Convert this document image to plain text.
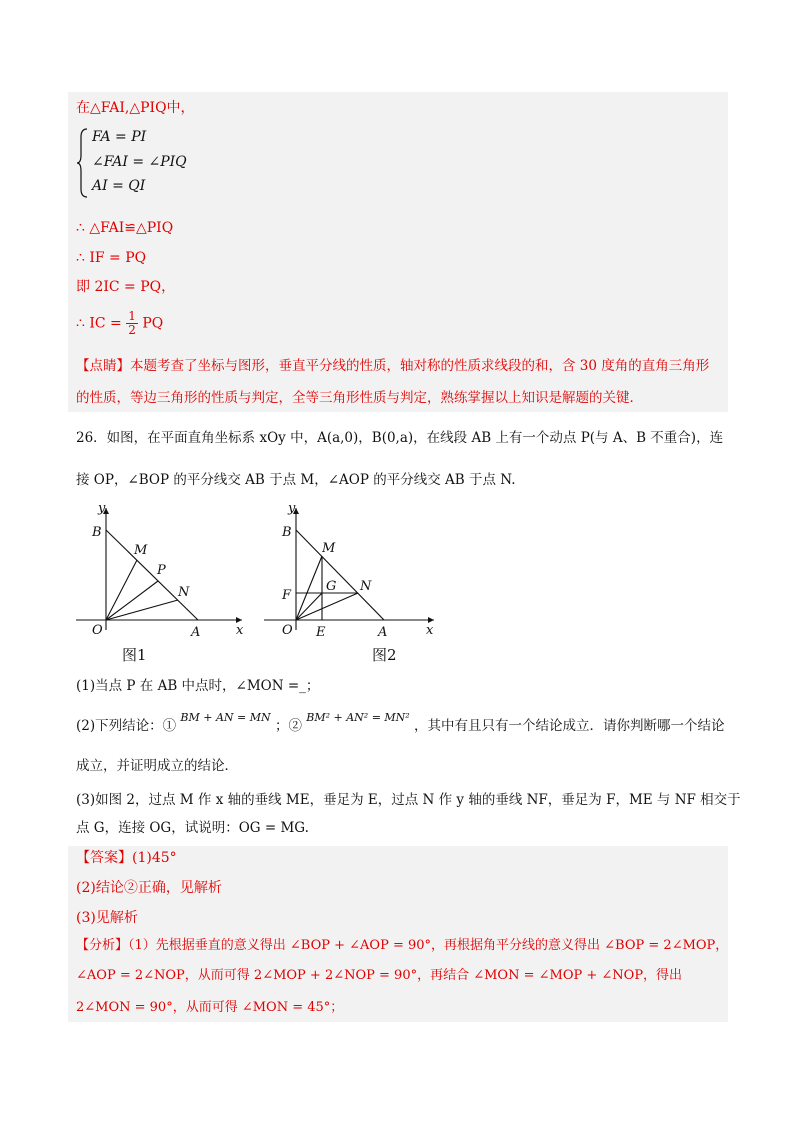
在△FAI,△PIQ中，
FA = PI
∠FAI = ∠PIQ
AI = QI
∴ △FAI≌△PIQ
∴ IF = PQ
即 2IC = PQ，
∴ IC = $\frac{1}{2}$ PQ
【点睛】本题考查了坐标与图形，垂直平分线的性质，轴对称的性质求线段的和，含 30 度角的直角三角形
的性质，等边三角形的性质与判定，全等三角形性质与判定，熟练掌握以上知识是解题的关键．
26．如图，在平面直角坐标系 xOy 中，A(a,0)，B(0,a)，在线段 AB 上有一个动点 P(与 A、B 不重合)，连
接 OP，∠BOP 的平分线交 AB 于点 M，∠AOP 的平分线交 AB 于点 N.
y
B
M
P
N
O	A	x
图1
y
B
M
G N
F
O E	A	x
图2
(1)当点 P 在 AB 中点时，∠MON =_；
(2)下列结论：① $^{BM + AN = MN}$ ；② $^{BM^2 + AN^2 = MN^2}$ ，其中有且只有一个结论成立．请你判断哪一个结论
成立，并证明成立的结论．
(3)如图 2，过点 M 作 x 轴的垂线 ME，垂足为 E，过点 N 作 y 轴的垂线 NF，垂足为 F，ME 与 NF 相交于
点 G，连接 OG，试说明：OG = MG.
【答案】(1)45°
(2)结论②正确，见解析
(3)见解析
【分析】（1）先根据垂直的意义得出 ∠BOP + ∠AOP = 90°，再根据角平分线的意义得出 ∠BOP = 2∠MOP，
∠AOP = 2∠NOP，从而可得 2∠MOP + 2∠NOP = 90°，再结合 ∠MON = ∠MOP + ∠NOP，得出
2∠MON = 90°，从而可得 ∠MON = 45°；
